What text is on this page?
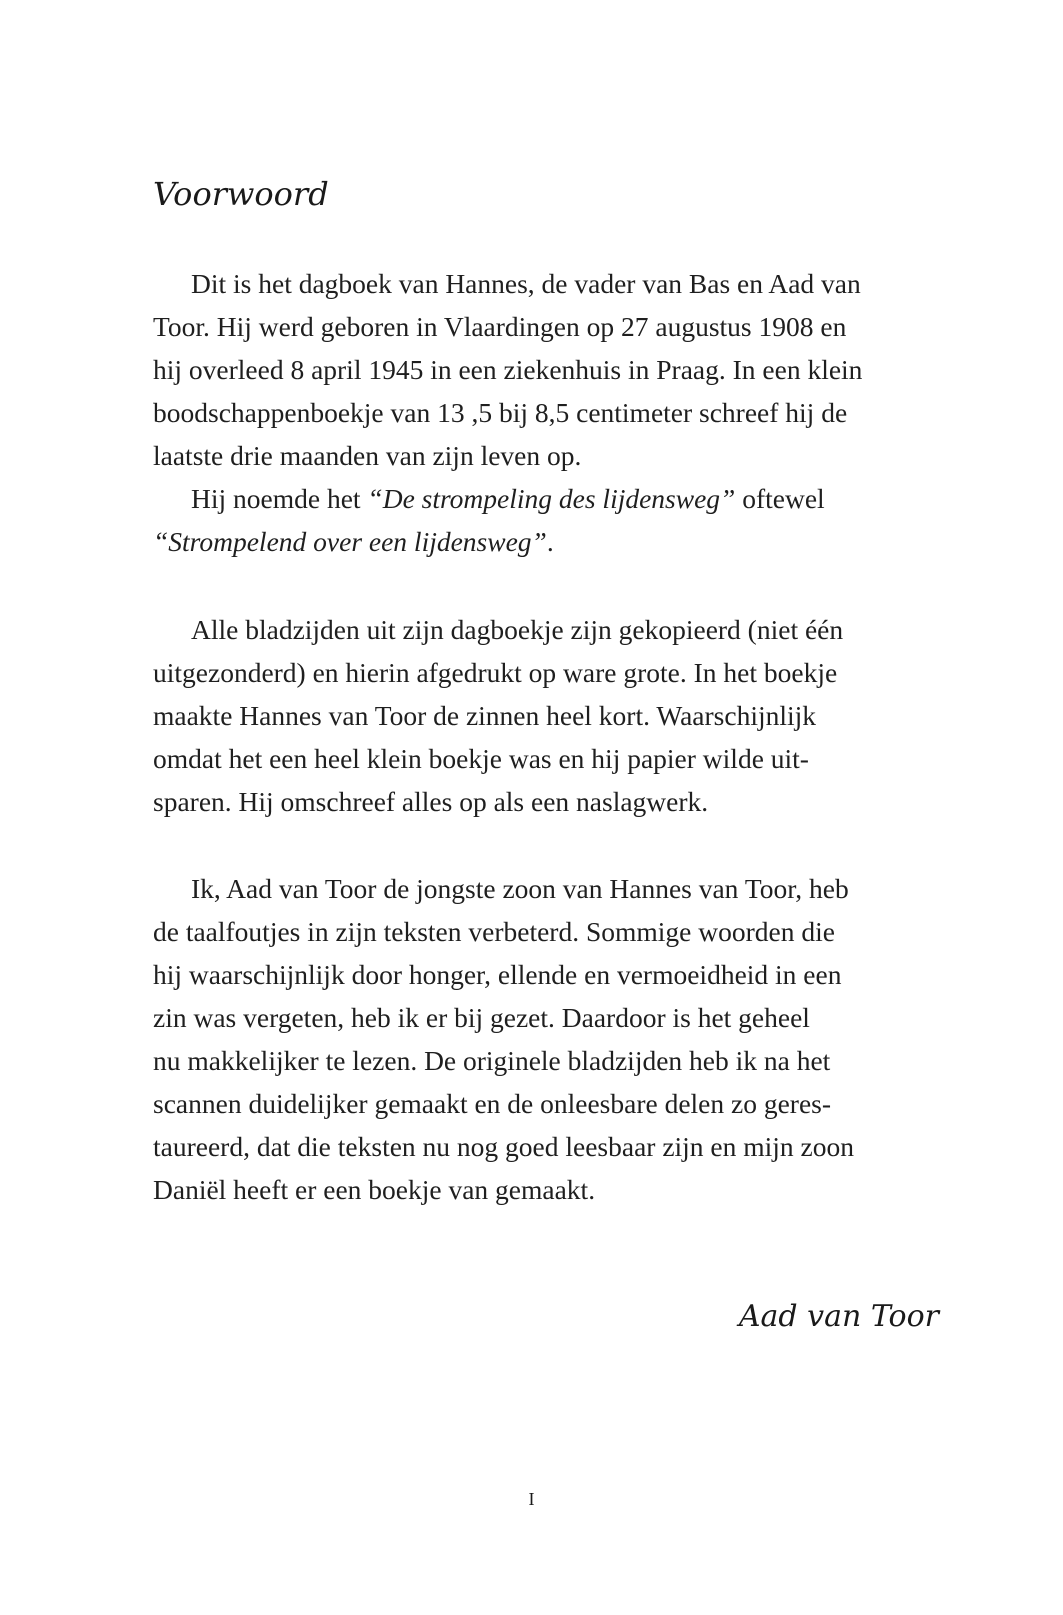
Voorwoord

Dit is het dagboek van Hannes, de vader van Bas en Aad van

Toor. Hij werd geboren in Vlaardingen op 27 augustus 1908 en

hij overleed 8 april 1945 in een ziekenhuis in Praag. In een klein

boodschappenboekje van 13 ,5 bij 8,5 centimeter schreef hij de

laatste drie maanden van zijn leven op.

Hij noemde het “De strompeling des lijdensweg” oftewel

“Strompelend over een lijdensweg”.

Alle bladzijden uit zijn dagboekje zijn gekopieerd (niet één

uitgezonderd) en hierin afgedrukt op ware grote. In het boekje

maakte Hannes van Toor de zinnen heel kort. Waarschijnlijk

omdat het een heel klein boekje was en hij papier wilde uit-

sparen. Hij omschreef alles op als een naslagwerk.

Ik, Aad van Toor de jongste zoon van Hannes van Toor, heb

de taalfoutjes in zijn teksten verbeterd. Sommige woorden die

hij waarschijnlijk door honger, ellende en vermoeidheid in een

zin was vergeten, heb ik er bij gezet. Daardoor is het geheel

nu makkelijker te lezen. De originele bladzijden heb ik na het

scannen duidelijker gemaakt en de onleesbare delen zo geres-

taureerd, dat die teksten nu nog goed leesbaar zijn en mijn zoon

Daniël heeft er een boekje van gemaakt.

Aad van Toor

I
